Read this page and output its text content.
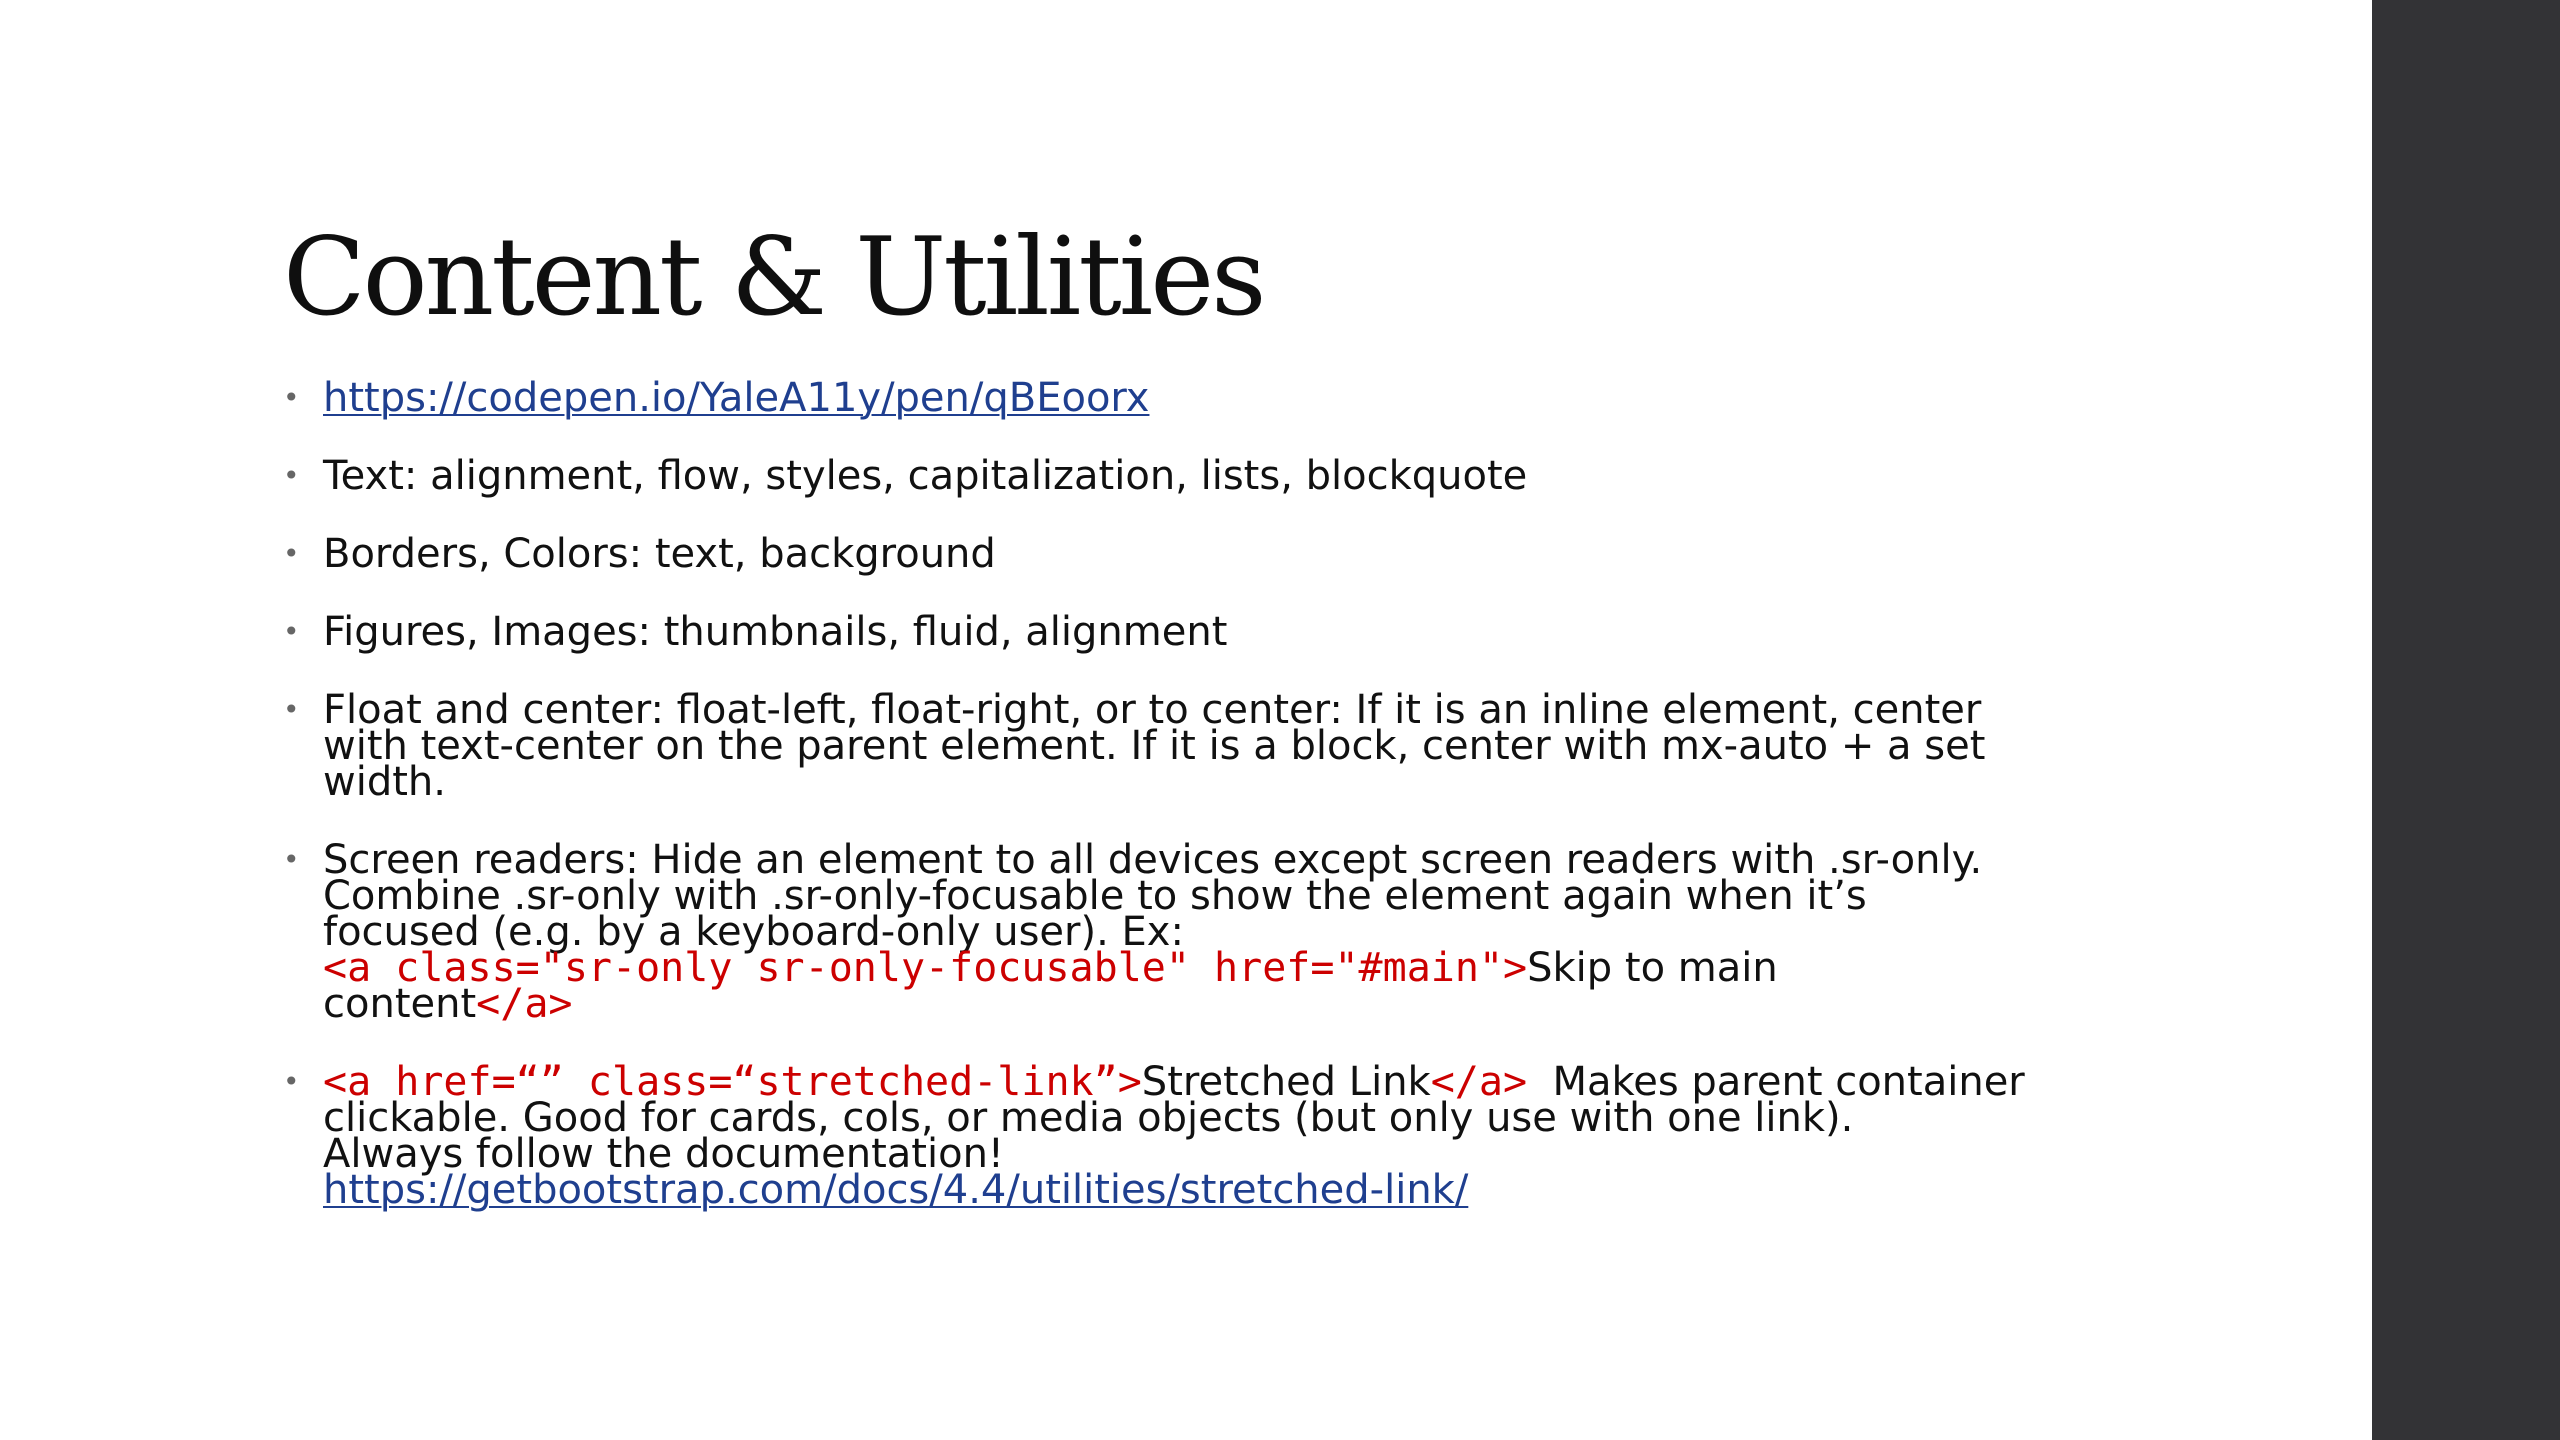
Content & Utilities
• https://codepen.io/YaleA11y/pen/qBEoorx
• Text: alignment, flow, styles, capitalization, lists, blockquote
• Borders, Colors: text, background
• Figures, Images: thumbnails, fluid, alignment
• Float and center: float-left, float-right, or to center: If it is an inline element, center
with text-center on the parent element. If it is a block, center with mx-auto + a set
width.
• Screen readers: Hide an element to all devices except screen readers with .sr-only.
Combine .sr-only with .sr-only-focusable to show the element again when it’s
focused (e.g. by a keyboard-only user). Ex:
<a class="sr-only sr-only-focusable" href="#main">Skip to main
content</a>
• <a href=“” class=“stretched-link”>Stretched Link</a>  Makes parent container
clickable. Good for cards, cols, or media objects (but only use with one link).
Always follow the documentation!
https://getbootstrap.com/docs/4.4/utilities/stretched-link/
